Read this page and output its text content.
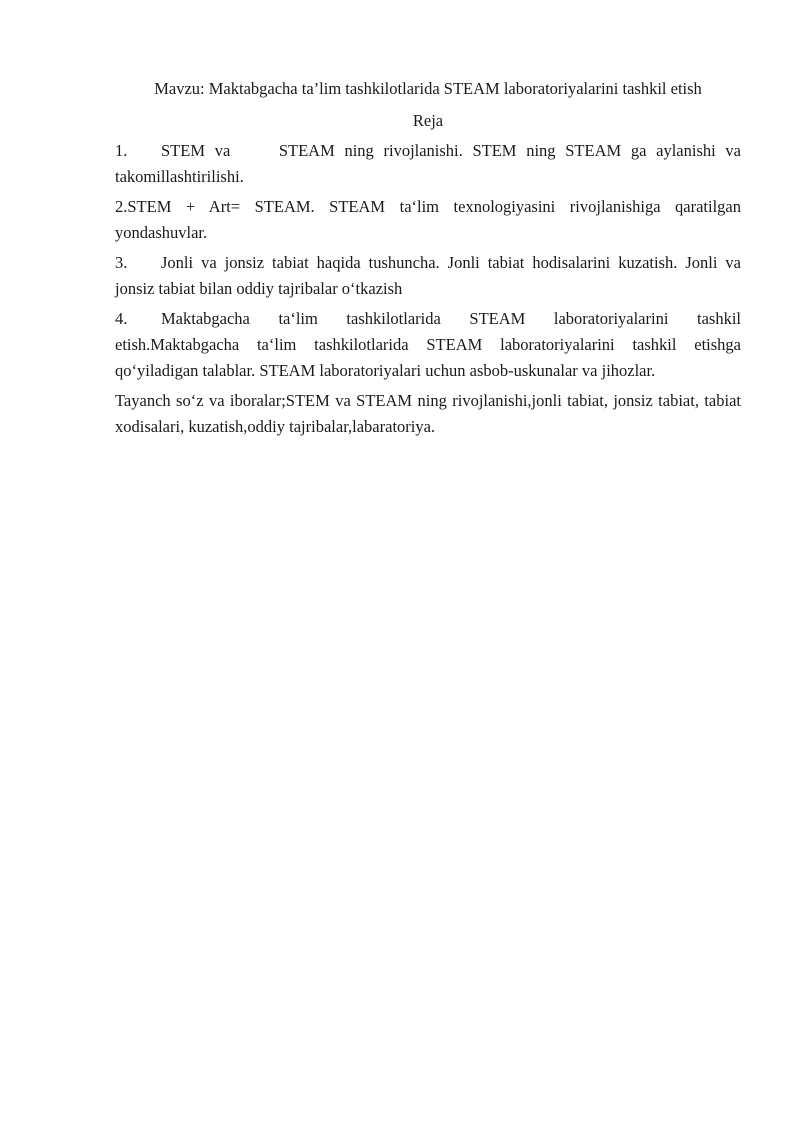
Mavzu: Maktabgacha ta’lim tashkilotlarida STEAM laboratoriyalarini tashkil etish

Reja

1. STEM va     STEAM ning rivojlanishi. STEM ning STEAM ga aylanishi va takomillashtirilishi.

2.STEM + Art= STEAM. STEAM taʻlim texnologiyasini rivojlanishiga qaratilgan yondashuvlar.

3. Jonli va jonsiz tabiat haqida tushuncha. Jonli tabiat hodisalarini kuzatish. Jonli va jonsiz tabiat bilan oddiy tajribalar oʻtkazish

4. Maktabgacha taʻlim tashkilotlarida STEAM laboratoriyalarini tashkil etish.Maktabgacha taʻlim tashkilotlarida STEAM laboratoriyalarini tashkil etishga qoʻyiladigan talablar. STEAM laboratoriyalari uchun asbob-uskunalar va jihozlar.

Tayanch soʻz va iboralar;STEM va STEAM ning rivojlanishi,jonli tabiat, jonsiz tabiat, tabiat xodisalari, kuzatish,oddiy tajribalar,labaratoriya.
